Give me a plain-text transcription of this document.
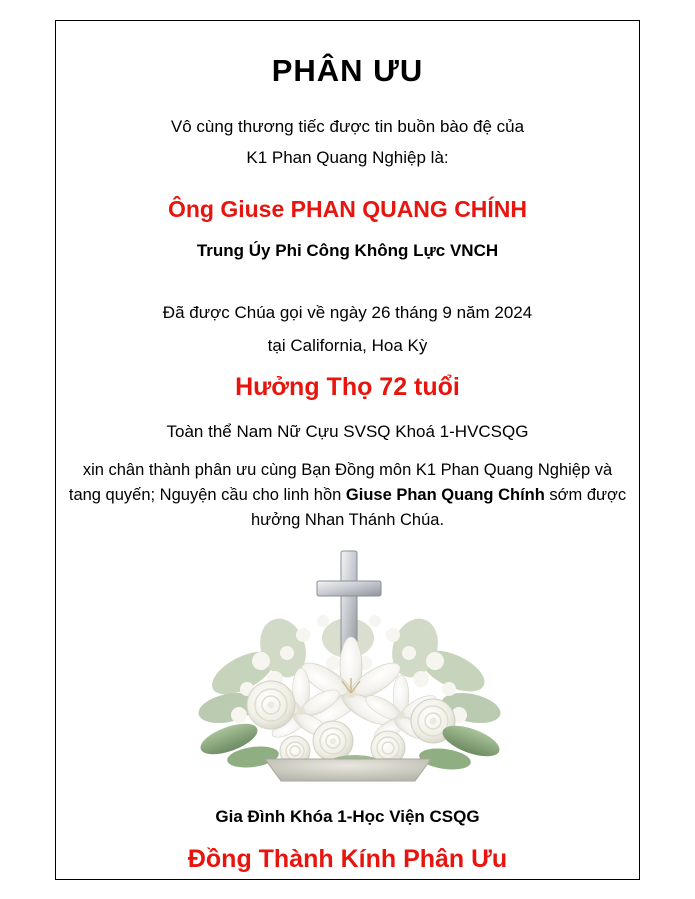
PHÂN ƯU
Vô cùng thương tiếc được tin buồn bào đệ của
K1 Phan Quang Nghiệp là:
Ông Giuse PHAN QUANG CHÍNH
Trung Úy Phi Công Không Lực VNCH
Đã được Chúa gọi về ngày 26 tháng 9 năm 2024
tại California, Hoa Kỳ
Hưởng Thọ 72 tuổi
Toàn thể Nam Nữ Cựu SVSQ Khoá 1-HVCSQG
xin chân thành phân ưu cùng Bạn Đồng môn K1 Phan Quang Nghiệp và tang quyến; Nguyện cầu cho linh hồn Giuse Phan Quang Chính sớm được hưởng Nhan Thánh Chúa.
Gia Đình Khóa 1-Học Viện CSQG
Đồng Thành Kính Phân Ưu
